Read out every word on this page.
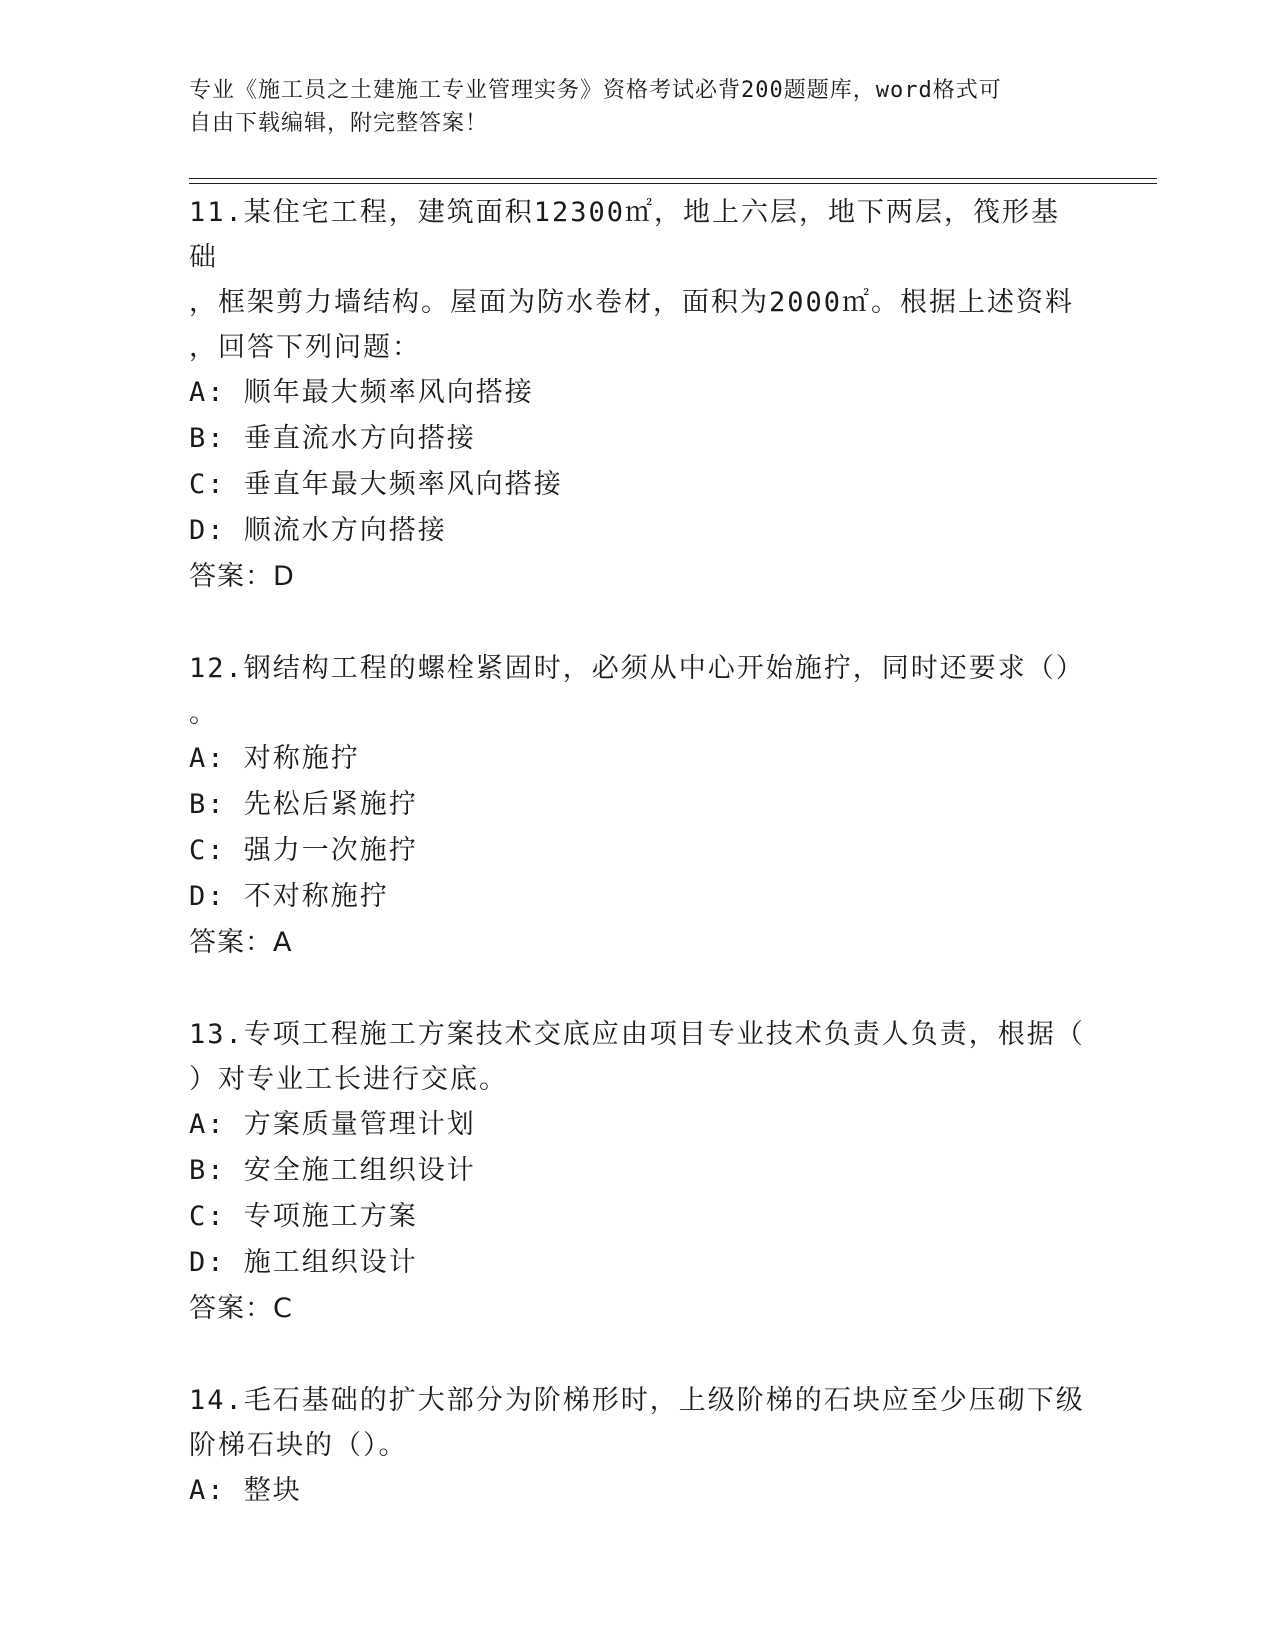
专业《施工员之土建施工专业管理实务》资格考试必背200题题库，word格式可
自由下载编辑，附完整答案！
11.某住宅工程，建筑面积12300㎡，地上六层，地下两层，筏形基础
，框架剪力墙结构。屋面为防水卷材，面积为2000㎡。根据上述资料
，回答下列问题：
A: 顺年最大频率风向搭接
B: 垂直流水方向搭接
C: 垂直年最大频率风向搭接
D: 顺流水方向搭接
答案：D
12.钢结构工程的螺栓紧固时，必须从中心开始施拧，同时还要求（）
。
A: 对称施拧
B: 先松后紧施拧
C: 强力一次施拧
D: 不对称施拧
答案：A
13.专项工程施工方案技术交底应由项目专业技术负责人负责，根据（
）对专业工长进行交底。
A: 方案质量管理计划
B: 安全施工组织设计
C: 专项施工方案
D: 施工组织设计
答案：C
14.毛石基础的扩大部分为阶梯形时，上级阶梯的石块应至少压砌下级
阶梯石块的（）。
A: 整块
